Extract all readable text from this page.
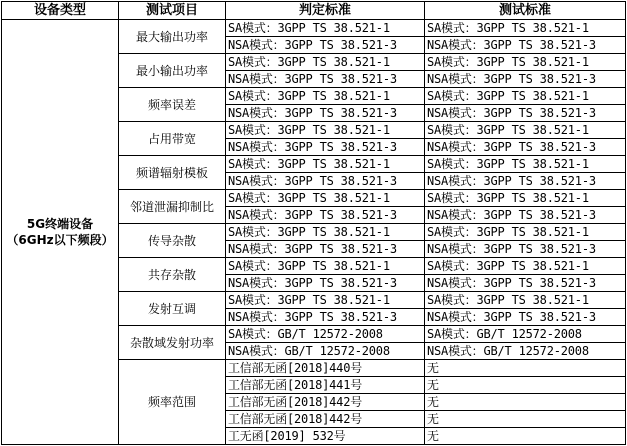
设备类型	测试项目	判定标准	测试标准

5G终端设备
（6GHz以下频段）	最大输出功率	SA模式：3GPP TS 38.521-1	SA模式：3GPP TS 38.521-1
		NSA模式：3GPP TS 38.521-3	NSA模式：3GPP TS 38.521-3
	最小输出功率	SA模式：3GPP TS 38.521-1	SA模式：3GPP TS 38.521-1
		NSA模式：3GPP TS 38.521-3	NSA模式：3GPP TS 38.521-3
	频率误差	SA模式：3GPP TS 38.521-1	SA模式：3GPP TS 38.521-1
		NSA模式：3GPP TS 38.521-3	NSA模式：3GPP TS 38.521-3
	占用带宽	SA模式：3GPP TS 38.521-1	SA模式：3GPP TS 38.521-1
		NSA模式：3GPP TS 38.521-3	NSA模式：3GPP TS 38.521-3
	频谱辐射模板	SA模式：3GPP TS 38.521-1	SA模式：3GPP TS 38.521-1
		NSA模式：3GPP TS 38.521-3	NSA模式：3GPP TS 38.521-3
	邻道泄漏抑制比	SA模式：3GPP TS 38.521-1	SA模式：3GPP TS 38.521-1
		NSA模式：3GPP TS 38.521-3	NSA模式：3GPP TS 38.521-3
	传导杂散	SA模式：3GPP TS 38.521-1	SA模式：3GPP TS 38.521-1
		NSA模式：3GPP TS 38.521-3	NSA模式：3GPP TS 38.521-3
	共存杂散	SA模式：3GPP TS 38.521-1	SA模式：3GPP TS 38.521-1
		NSA模式：3GPP TS 38.521-3	NSA模式：3GPP TS 38.521-3
	发射互调	SA模式：3GPP TS 38.521-1	SA模式：3GPP TS 38.521-1
		NSA模式：3GPP TS 38.521-3	NSA模式：3GPP TS 38.521-3
	杂散域发射功率	SA模式：GB/T 12572-2008	SA模式：GB/T 12572-2008
		NSA模式：GB/T 12572-2008	NSA模式：GB/T 12572-2008
	频率范围	工信部无函[2018]440号	无
		工信部无函[2018]441号	无
		工信部无函[2018]442号	无
		工信部无函[2018]442号	无
		工无函[2019] 532号	无
